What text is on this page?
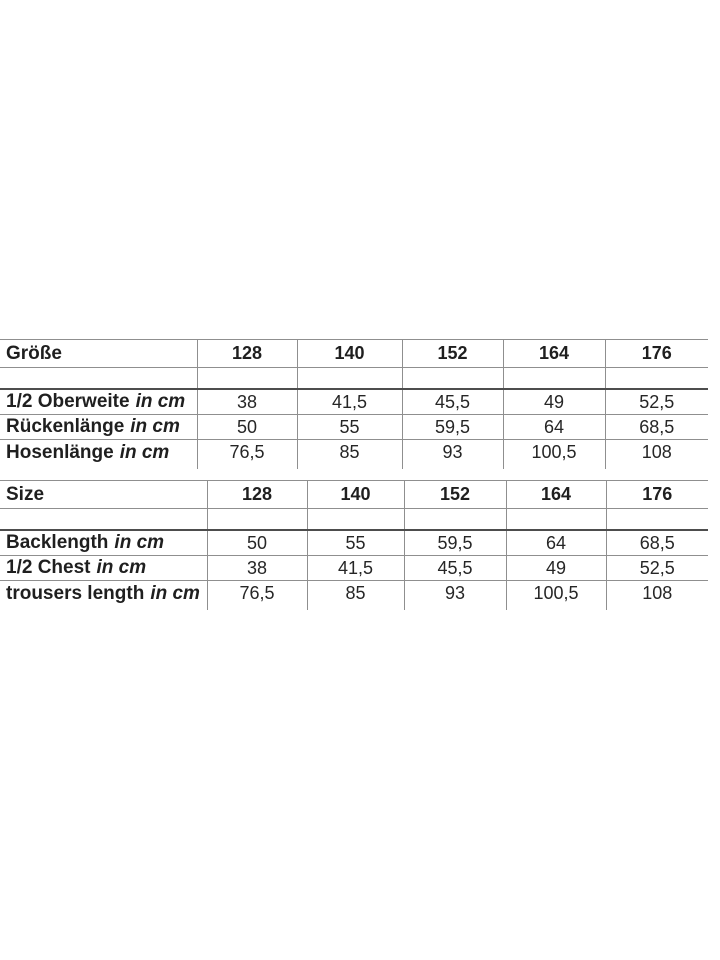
Größe	128	140	152	164	176

1/2 Oberweite in cm	38	41,5	45,5	49	52,5
Rückenlänge in cm	50	55	59,5	64	68,5
Hosenlänge in cm	76,5	85	93	100,5	108
Size	128	140	152	164	176

Backlength in cm	50	55	59,5	64	68,5
1/2 Chest in cm	38	41,5	45,5	49	52,5
trousers length in cm	76,5	85	93	100,5	108
